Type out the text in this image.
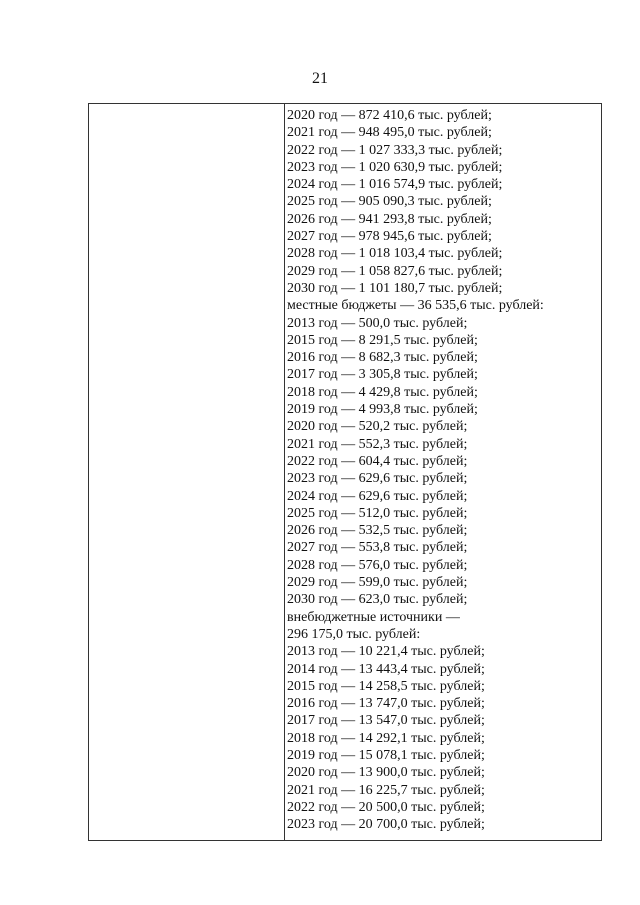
21
2020 год — 872 410,6 тыс. рублей;
2021 год — 948 495,0 тыс. рублей;
2022 год — 1 027 333,3 тыс. рублей;
2023 год — 1 020 630,9 тыс. рублей;
2024 год — 1 016 574,9 тыс. рублей;
2025 год — 905 090,3 тыс. рублей;
2026 год — 941 293,8 тыс. рублей;
2027 год — 978 945,6 тыс. рублей;
2028 год — 1 018 103,4 тыс. рублей;
2029 год — 1 058 827,6 тыс. рублей;
2030 год — 1 101 180,7 тыс. рублей;
местные бюджеты — 36 535,6 тыс. рублей:
2013 год — 500,0 тыс. рублей;
2015 год — 8 291,5 тыс. рублей;
2016 год — 8 682,3 тыс. рублей;
2017 год — 3 305,8 тыс. рублей;
2018 год — 4 429,8 тыс. рублей;
2019 год — 4 993,8 тыс. рублей;
2020 год — 520,2 тыс. рублей;
2021 год — 552,3 тыс. рублей;
2022 год — 604,4 тыс. рублей;
2023 год — 629,6 тыс. рублей;
2024 год — 629,6 тыс. рублей;
2025 год — 512,0 тыс. рублей;
2026 год — 532,5 тыс. рублей;
2027 год — 553,8 тыс. рублей;
2028 год — 576,0 тыс. рублей;
2029 год — 599,0 тыс. рублей;
2030 год — 623,0 тыс. рублей;
внебюджетные источники —
296 175,0 тыс. рублей:
2013 год — 10 221,4 тыс. рублей;
2014 год — 13 443,4 тыс. рублей;
2015 год — 14 258,5 тыс. рублей;
2016 год — 13 747,0 тыс. рублей;
2017 год — 13 547,0 тыс. рублей;
2018 год — 14 292,1 тыс. рублей;
2019 год — 15 078,1 тыс. рублей;
2020 год — 13 900,0 тыс. рублей;
2021 год — 16 225,7 тыс. рублей;
2022 год — 20 500,0 тыс. рублей;
2023 год — 20 700,0 тыс. рублей;
